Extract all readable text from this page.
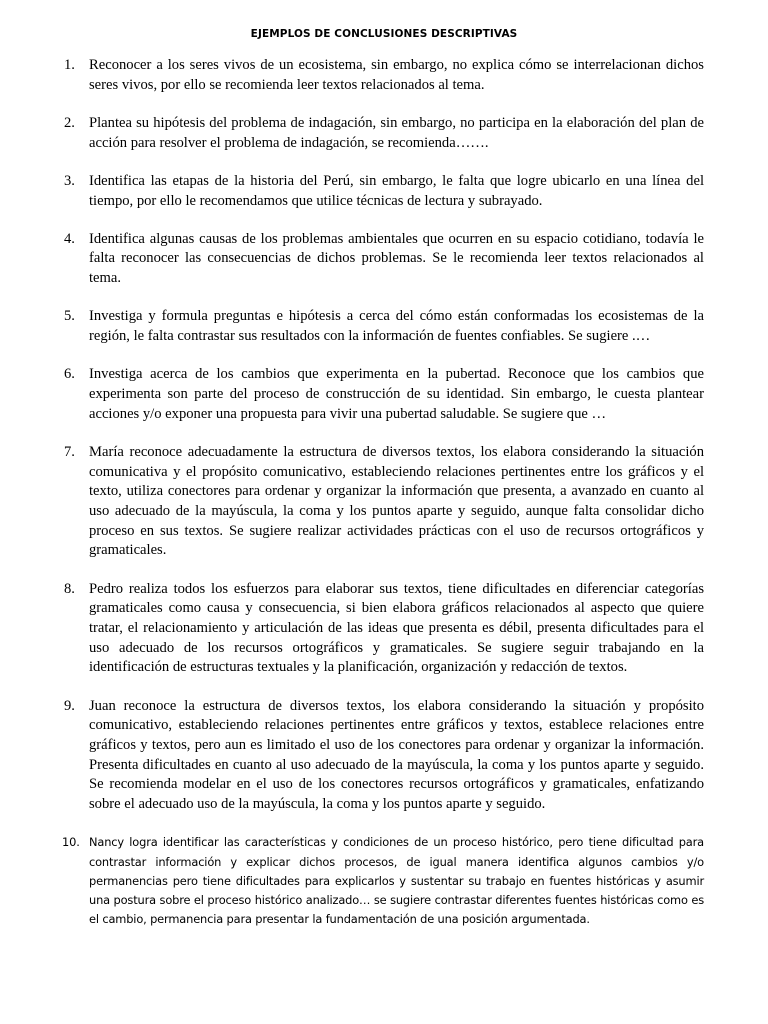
EJEMPLOS DE CONCLUSIONES DESCRIPTIVAS
1. Reconocer a los seres vivos de un ecosistema, sin embargo, no explica cómo se interrelacionan dichos seres vivos, por ello se recomienda leer textos relacionados al tema.
2. Plantea su hipótesis del problema de indagación, sin embargo, no participa en la elaboración del plan de acción para resolver el problema de indagación, se recomienda…….
3. Identifica las etapas de la historia del Perú, sin embargo, le falta que logre ubicarlo en una línea del tiempo, por ello le recomendamos que utilice técnicas de lectura y subrayado.
4. Identifica algunas causas de los problemas ambientales que ocurren en su espacio cotidiano, todavía le falta reconocer las consecuencias de dichos problemas. Se le recomienda leer textos relacionados al tema.
5. Investiga y formula preguntas e hipótesis a cerca del cómo están conformadas los ecosistemas de la región, le falta contrastar sus resultados con la información de fuentes confiables. Se sugiere .…
6. Investiga acerca de los cambios que experimenta en la pubertad. Reconoce que los cambios que experimenta son parte del proceso de construcción de su identidad. Sin embargo, le cuesta plantear acciones y/o exponer una propuesta para vivir una pubertad saludable. Se sugiere que …
7. María reconoce adecuadamente la estructura de diversos textos, los elabora considerando la situación comunicativa y el propósito comunicativo, estableciendo relaciones pertinentes entre los gráficos y el texto, utiliza conectores para ordenar y organizar la información que presenta, a avanzado en cuanto al uso adecuado de la mayúscula, la coma y los puntos aparte y seguido, aunque falta consolidar dicho proceso en sus textos. Se sugiere realizar actividades prácticas con el uso de recursos ortográficos y gramaticales.
8. Pedro realiza todos los esfuerzos para elaborar sus textos, tiene dificultades en diferenciar categorías gramaticales como causa y consecuencia, si bien elabora gráficos relacionados al aspecto que quiere tratar, el relacionamiento y articulación de las ideas que presenta es débil, presenta dificultades para el uso adecuado de los recursos ortográficos y gramaticales. Se sugiere seguir trabajando en la identificación de estructuras textuales y la planificación, organización y redacción de textos.
9. Juan reconoce la estructura de diversos textos, los elabora considerando la situación y propósito comunicativo, estableciendo relaciones pertinentes entre gráficos y textos, establece relaciones entre gráficos y textos, pero aun es limitado el uso de los conectores para ordenar y organizar la información. Presenta dificultades en cuanto al uso adecuado de la mayúscula, la coma y los puntos aparte y seguido. Se recomienda modelar en el uso de los conectores recursos ortográficos y gramaticales, enfatizando sobre el adecuado uso de la mayúscula, la coma y los puntos aparte y seguido.
10. Nancy logra identificar las características y condiciones de un proceso histórico, pero tiene dificultad para contrastar información y explicar dichos procesos, de igual manera identifica algunos cambios y/o permanencias pero tiene dificultades para explicarlos y sustentar su trabajo en fuentes históricas y asumir una postura sobre el proceso histórico analizado… se sugiere contrastar diferentes fuentes históricas como es el cambio, permanencia para presentar la fundamentación de una posición argumentada.
